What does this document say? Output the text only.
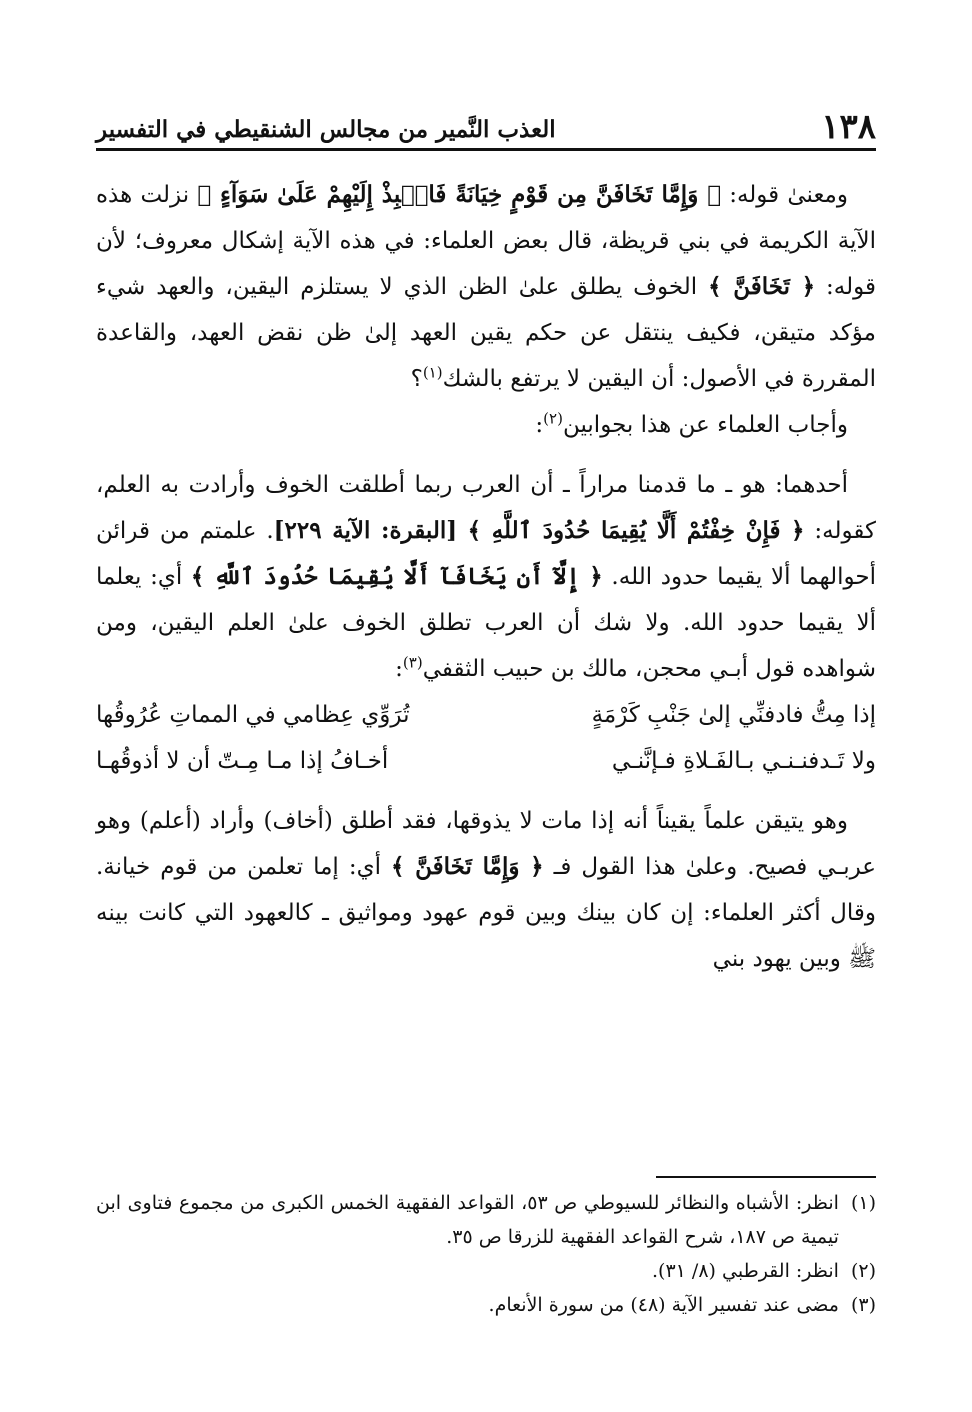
١٣٨
العذب النَّمير من مجالس الشنقيطي في التفسير

ومعنىٰ قوله: ﴿ وَإِمَّا تَخَافَنَّ مِن قَوْمٍ خِيَانَةً فَانۢبِذْ إِلَيْهِمْ عَلَىٰ سَوَآءٍ ﴾ نزلت هذه الآية الكريمة في بني قريظة، قال بعض العلماء: في هذه الآية إشكال معروف؛ لأن قوله: ﴿ تَخَافَنَّ ﴾ الخوف يطلق علىٰ الظن الذي لا يستلزم اليقين، والعهد شيء مؤكد متيقن، فكيف ينتقل عن حكم يقين العهد إلىٰ ظن نقض العهد، والقاعدة المقررة في الأصول: أن اليقين لا يرتفع بالشك$^{(١)}$؟

وأجاب العلماء عن هذا بجوابين$^{(٢)}$:

أحدهما: هو ـ ما قدمنا مراراً ـ أن العرب ربما أطلقت الخوف وأرادت به العلم، كقوله: ﴿ فَإِنْ خِفْتُمْ أَلَّا يُقِيمَا حُدُودَ ٱللَّهِ ﴾ [البقرة: الآية ٢٢٩]. علمتم من قرائن أحوالهما ألا يقيما حدود الله. ﴿ إِلَّآ أَن يَخَافَآ أَلَّا يُقِيمَا حُدُودَ ٱللَّهِ ﴾ أي: يعلما ألا يقيما حدود الله. ولا شك أن العرب تطلق الخوف علىٰ العلم اليقين، ومن شواهده قول أبـي محجن، مالك بن حبيب الثقفي$^{(٣)}$:

إذا مِتُّ فادفنِّي إلىٰ جَنْبِ كَرْمَةٍ
تُرَوِّي عِظامي في المماتِ عُرُوقُها
ولا تَـدفنـنـي بـالفَـلاةِ فـإنَّنـي
أخـافُ إذا مـا مِـتّ أن لا أذوقُهـا

وهو يتيقن علماً يقيناً أنه إذا مات لا يذوقها، فقد أطلق (أخاف) وأراد (أعلم) وهو عربـي فصيح. وعلىٰ هذا القول فـ ﴿ وَإِمَّا تَخَافَنَّ ﴾ أي: إما تعلمن من قوم خيانة. وقال أكثر العلماء: إن كان بينك وبين قوم عهود ومواثيق ـ كالعهود التي كانت بينه ﷺ وبين يهود بني

(١)
انظر: الأشباه والنظائر للسيوطي ص ٥٣، القواعد الفقهية الخمس الكبرى من مجموع فتاوى ابن تيمية ص ١٨٧، شرح القواعد الفقهية للزرقا ص ٣٥.

(٢)
انظر: القرطبي (٨/ ٣١).

(٣)
مضى عند تفسير الآية (٤٨) من سورة الأنعام.
